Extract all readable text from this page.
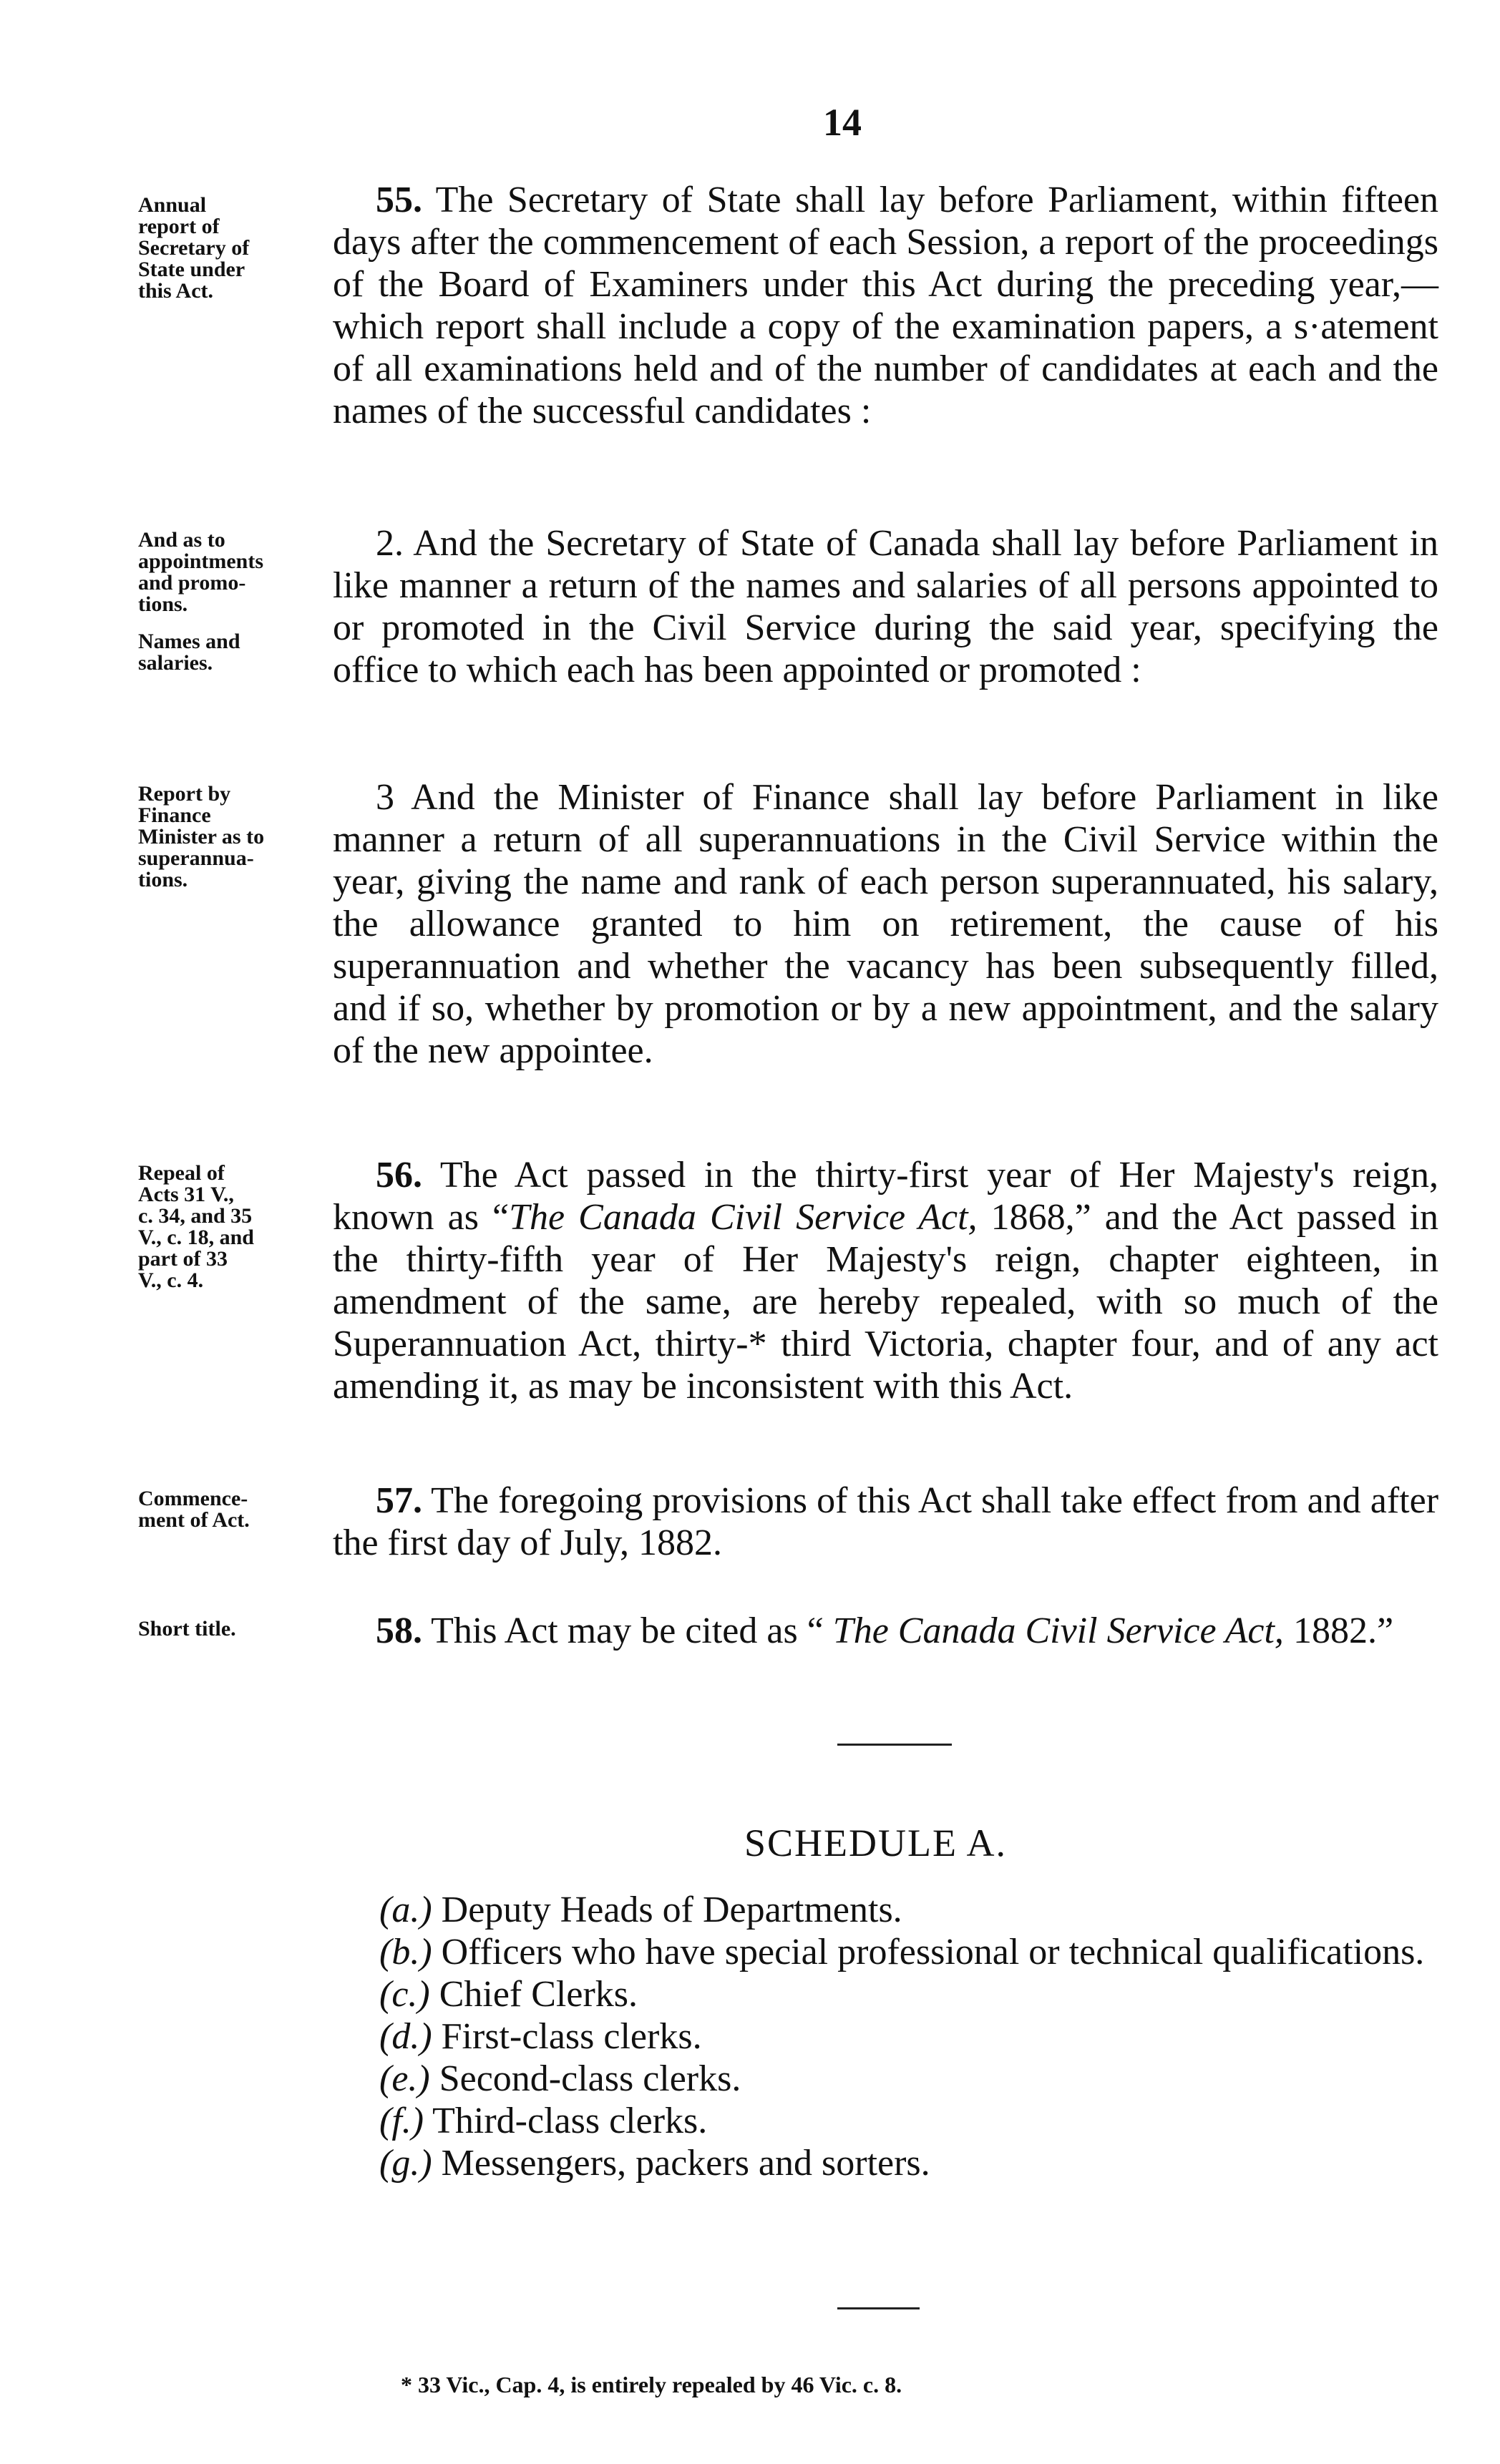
14
Annual
report of
Secretary of
State under
this Act.
55. The Secretary of State shall lay before Parliament, within fifteen days after the commencement of each Session, a report of the proceedings of the Board of Examiners under this Act during the preceding year,—which report shall include a copy of the examination papers, a s·atement of all examinations held and of the number of candidates at each and the names of the successful candidates :
And as to
appointments
and promo-
tions.
Names and
salaries.
2. And the Secretary of State of Canada shall lay before Parliament in like manner a return of the names and salaries of all persons appointed to or promoted in the Civil Service during the said year, specifying the office to which each has been appointed or promoted :
Report by
Finance
Minister as to
superannua-
tions.
3 And the Minister of Finance shall lay before Parliament in like manner a return of all superannuations in the Civil Service within the year, giving the name and rank of each person superannuated, his salary, the allowance granted to him on retirement, the cause of his superannuation and whether the vacancy has been subsequently filled, and if so, whether by promotion or by a new appointment, and the salary of the new appointee.
Repeal of
Acts 31 V.,
c. 34, and 35
V., c. 18, and
part of 33
V., c. 4.
56. The Act passed in the thirty-first year of Her Majesty's reign, known as “The Canada Civil Service Act, 1868,” and the Act passed in the thirty-fifth year of Her Majesty's reign, chapter eighteen, in amendment of the same, are hereby repealed, with so much of the Superannuation Act, thirty-* third Victoria, chapter four, and of any act amending it, as may be inconsistent with this Act.
Commence-
ment of Act.	57. The foregoing provisions of this Act shall take effect from and after the first day of July, 1882.
Short title.	58. This Act may be cited as “ The Canada Civil Service Act, 1882.”
SCHEDULE A.
(a.) Deputy Heads of Departments.
(b.) Officers who have special professional or technical qualifications.
(c.) Chief Clerks.
(d.) First-class clerks.
(e.) Second-class clerks.
(f.) Third-class clerks.
(g.) Messengers, packers and sorters.
* 33 Vic., Cap. 4, is entirely repealed by 46 Vic. c. 8.
